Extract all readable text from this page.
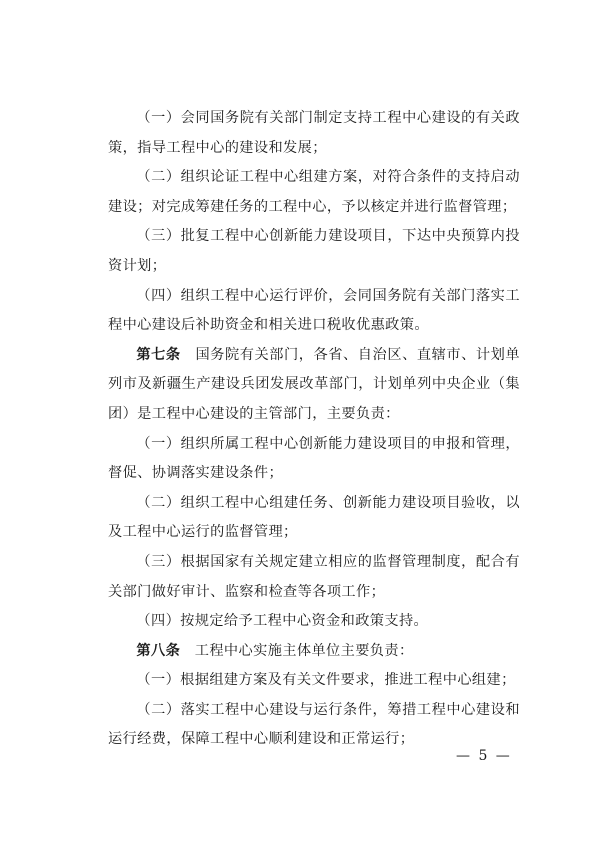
（一）会同国务院有关部门制定支持工程中心建设的有关政策，指导工程中心的建设和发展；

（二）组织论证工程中心组建方案，对符合条件的支持启动建设；对完成筹建任务的工程中心，予以核定并进行监督管理；

（三）批复工程中心创新能力建设项目，下达中央预算内投资计划；

（四）组织工程中心运行评价，会同国务院有关部门落实工程中心建设后补助资金和相关进口税收优惠政策。

第七条  国务院有关部门，各省、自治区、直辖市、计划单列市及新疆生产建设兵团发展改革部门，计划单列中央企业（集团）是工程中心建设的主管部门，主要负责：

（一）组织所属工程中心创新能力建设项目的申报和管理，督促、协调落实建设条件；

（二）组织工程中心组建任务、创新能力建设项目验收，以及工程中心运行的监督管理；

（三）根据国家有关规定建立相应的监督管理制度，配合有关部门做好审计、监察和检查等各项工作；

（四）按规定给予工程中心资金和政策支持。

第八条  工程中心实施主体单位主要负责：

（一）根据组建方案及有关文件要求，推进工程中心组建；

（二）落实工程中心建设与运行条件，筹措工程中心建设和运行经费，保障工程中心顺利建设和正常运行；

— 5 —
